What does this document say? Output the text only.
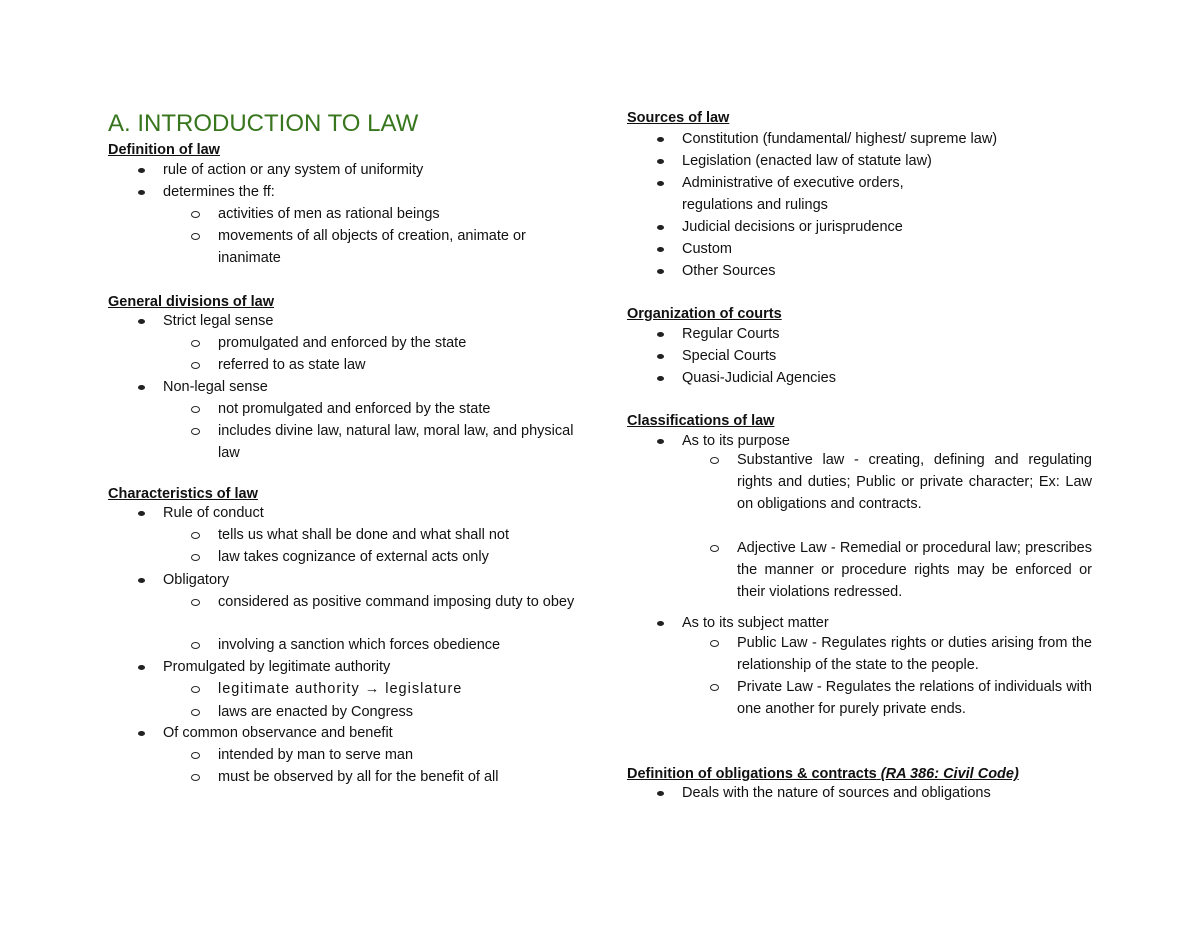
A. INTRODUCTION TO LAW
Definition of law
rule of action or any system of uniformity
determines the ff:
activities of men as rational beings
movements of all objects of creation, animate or inanimate
General divisions of law
Strict legal sense
promulgated and enforced by the state
referred to as state law
Non-legal sense
not promulgated and enforced by the state
includes divine law, natural law, moral law, and physical law
Characteristics of law
Rule of conduct
tells us what shall be done and what shall not
law takes cognizance of external acts only
Obligatory
considered as positive command imposing duty to obey
involving a sanction which forces obedience
Promulgated by legitimate authority
legitimate authority → legislature
laws are enacted by Congress
Of common observance and benefit
intended by man to serve man
must be observed by all for the benefit of all
Sources of law
Constitution (fundamental/ highest/ supreme law)
Legislation (enacted law of statute law)
Administrative of executive orders, regulations and rulings
Judicial decisions or jurisprudence
Custom
Other Sources
Organization of courts
Regular Courts
Special Courts
Quasi-Judicial Agencies
Classifications of law
As to its purpose
Substantive law - creating, defining and regulating rights and duties; Public or private character; Ex: Law on obligations and contracts.
Adjective Law - Remedial or procedural law; prescribes the manner or procedure rights may be enforced or their violations redressed.
As to its subject matter
Public Law - Regulates rights or duties arising from the relationship of the state to the people.
Private Law - Regulates the relations of individuals with one another for purely private ends.
Definition of obligations & contracts (RA 386: Civil Code)
Deals with the nature of sources and obligations
